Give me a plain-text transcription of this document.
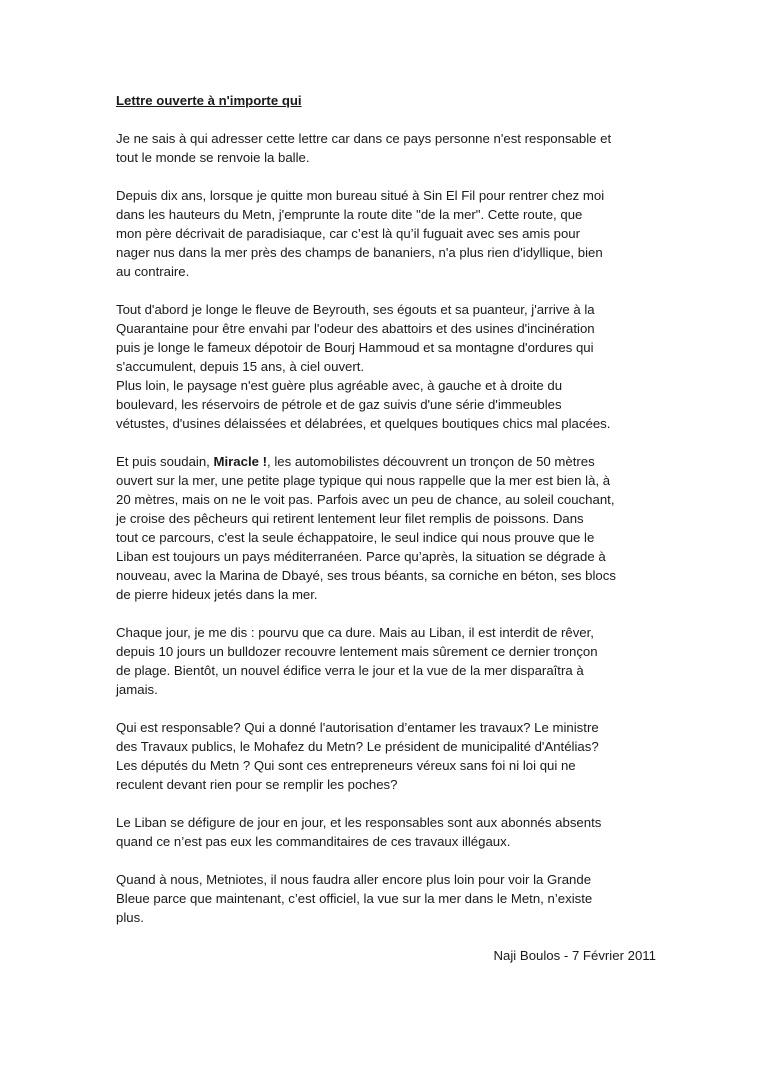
Lettre ouverte à n'importe qui

Je ne sais à qui adresser cette lettre car dans ce pays personne n'est responsable et
tout le monde se renvoie la balle.

Depuis dix ans, lorsque je quitte mon bureau situé à Sin El Fil pour rentrer chez moi
dans les hauteurs du Metn, j'emprunte la route dite "de la mer". Cette route, que
mon père décrivait de paradisiaque, car c’est là qu’il fuguait avec ses amis pour
nager nus dans la mer près des champs de bananiers, n'a plus rien d'idyllique, bien
au contraire.

Tout d'abord je longe le fleuve de Beyrouth, ses égouts et sa puanteur, j'arrive à la
Quarantaine pour être envahi par l'odeur des abattoirs et des usines d'incinération
puis je longe le fameux dépotoir de Bourj Hammoud et sa montagne d'ordures qui
s'accumulent, depuis 15 ans, à ciel ouvert.
Plus loin, le paysage n'est guère plus agréable avec, à gauche et à droite du
boulevard, les réservoirs de pétrole et de gaz suivis d'une série d'immeubles
vétustes, d'usines délaissées et délabrées, et quelques boutiques chics mal placées.

Et puis soudain, Miracle !, les automobilistes découvrent un tronçon de 50 mètres
ouvert sur la mer, une petite plage typique qui nous rappelle que la mer est bien là, à
20 mètres, mais on ne le voit pas. Parfois avec un peu de chance, au soleil couchant,
je croise des pêcheurs qui retirent lentement leur filet remplis de poissons. Dans
tout ce parcours, c'est la seule échappatoire, le seul indice qui nous prouve que le
Liban est toujours un pays méditerranéen. Parce qu’après, la situation se dégrade à
nouveau, avec la Marina de Dbayé, ses trous béants, sa corniche en béton, ses blocs
de pierre hideux jetés dans la mer.

Chaque jour, je me dis : pourvu que ca dure. Mais au Liban, il est interdit de rêver,
depuis 10 jours un bulldozer recouvre lentement mais sûrement ce dernier tronçon
de plage. Bientôt, un nouvel édifice verra le jour et la vue de la mer disparaîtra à
jamais.

Qui est responsable? Qui a donné l'autorisation d’entamer les travaux? Le ministre
des Travaux publics, le Mohafez du Metn? Le président de municipalité d'Antélias?
Les députés du Metn ? Qui sont ces entrepreneurs véreux sans foi ni loi qui ne
reculent devant rien pour se remplir les poches?

Le Liban se défigure de jour en jour, et les responsables sont aux abonnés absents
quand ce n’est pas eux les commanditaires de ces travaux illégaux.

Quand à nous, Metniotes, il nous faudra aller encore plus loin pour voir la Grande
Bleue parce que maintenant, c’est officiel, la vue sur la mer dans le Metn, n’existe
plus.

Naji Boulos - 7 Février 2011
